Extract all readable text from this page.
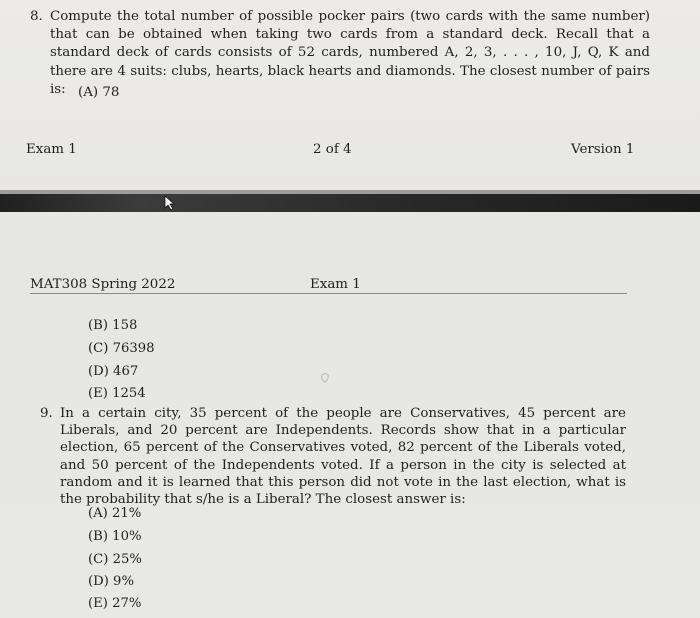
8. Compute the total number of possible pocker pairs (two cards with the same number) that can be obtained when taking two cards from a standard deck. Recall that a standard deck of cards consists of 52 cards, numbered A, 2, 3, . . . , 10, J, Q, K and there are 4 suits: clubs, hearts, black hearts and diamonds. The closest number of pairs is: (A) 78
Exam 1	2 of 4	Version 1
MAT308 Spring 2022	Exam 1
(B) 158
(C) 76398
(D) 467
(E) 1254
9. In a certain city, 35 percent of the people are Conservatives, 45 percent are Liberals, and 20 percent are Independents. Records show that in a particular election, 65 percent of the Conservatives voted, 82 percent of the Liberals voted, and 50 percent of the Independents voted. If a person in the city is selected at random and it is learned that this person did not vote in the last election, what is the probability that s/he is a Liberal? The closest answer is:
(A) 21%
(B) 10%
(C) 25%
(D) 9%
(E) 27%
